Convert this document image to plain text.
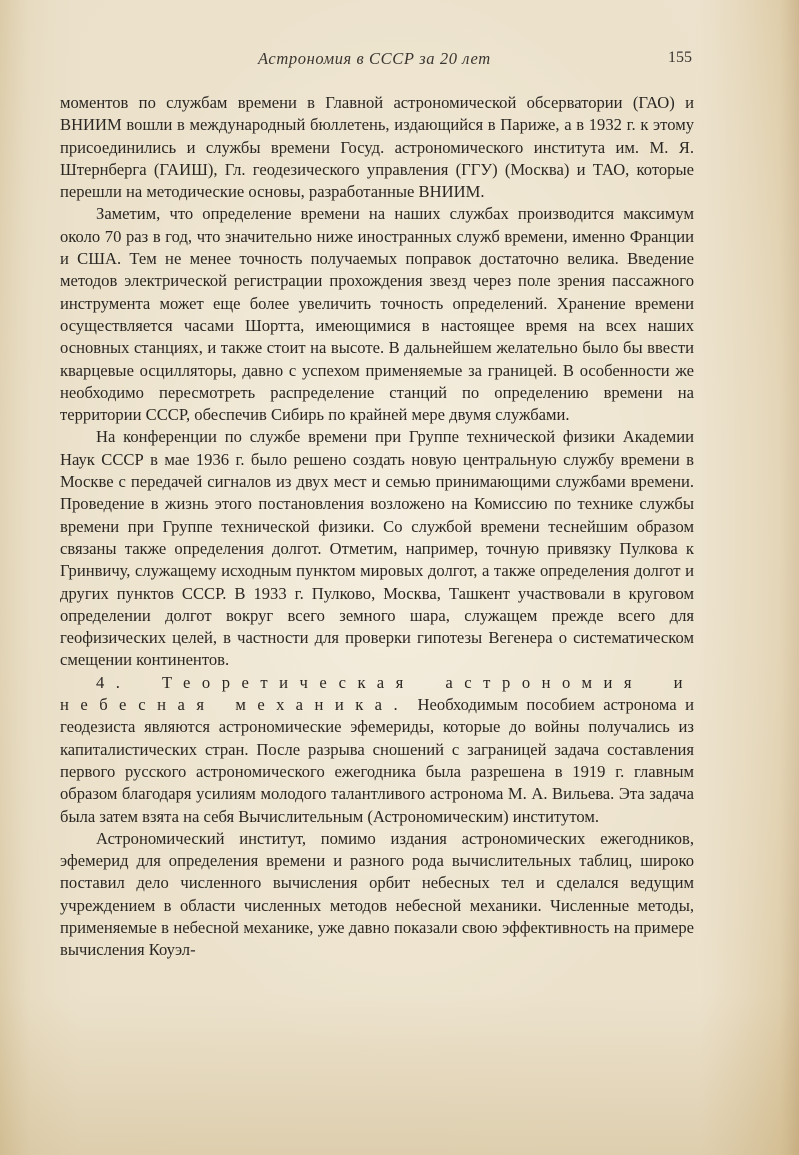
Астрономия в СССР за 20 лет	155

моментов по службам времени в Главной астрономической обсерватории (ГАО) и ВНИИМ вошли в международный бюллетень, издающийся в Париже, а в 1932 г. к этому присоединились и службы времени Госуд. астрономического института им. М. Я. Штернберга (ГАИШ), Гл. геодезического управления (ГГУ) (Москва) и ТАО, которые перешли на методические основы, разработанные ВНИИМ.

Заметим, что определение времени на наших службах производится максимум около 70 раз в год, что значительно ниже иностранных служб времени, именно Франции и США. Тем не менее точность получаемых поправок достаточно велика. Введение методов электрической регистрации прохождения звезд через поле зрения пассажного инструмента может еще более увеличить точность определений. Хранение времени осуществляется часами Шортта, имеющимися в настоящее время на всех наших основных станциях, и также стоит на высоте. В дальнейшем желательно было бы ввести кварцевые осцилляторы, давно с успехом применяемые за границей. В особенности же необходимо пересмотреть распределение станций по определению времени на территории СССР, обеспечив Сибирь по крайней мере двумя службами.

На конференции по службе времени при Группе технической физики Академии Наук СССР в мае 1936 г. было решено создать новую центральную службу времени в Москве с передачей сигналов из двух мест и семью принимающими службами времени. Проведение в жизнь этого постановления возложено на Комиссию по технике службы времени при Группе технической физики. Со службой времени теснейшим образом связаны также определения долгот. Отметим, например, точную привязку Пулкова к Гринвичу, служащему исходным пунктом мировых долгот, а также определения долгот и других пунктов СССР. В 1933 г. Пулково, Москва, Ташкент участвовали в круговом определении долгот вокруг всего земного шара, служащем прежде всего для геофизических целей, в частности для проверки гипотезы Вегенера о систематическом смещении континентов.

4. Теоретическая астрономия и небесная механика. Необходимым пособием астронома и геодезиста являются астрономические эфемериды, которые до войны получались из капиталистических стран. После разрыва сношений с заграницей задача составления первого русского астрономического ежегодника была разрешена в 1919 г. главным образом благодаря усилиям молодого талантливого астронома М. А. Вильева. Эта задача была затем взята на себя Вычислительным (Астрономическим) институтом.

Астрономический институт, помимо издания астрономических ежегодников, эфемерид для определения времени и разного рода вычислительных таблиц, широко поставил дело численного вычисления орбит небесных тел и сделался ведущим учреждением в области численных методов небесной механики. Численные методы, применяемые в небесной механике, уже давно показали свою эффективность на примере вычисления Коуэл-
